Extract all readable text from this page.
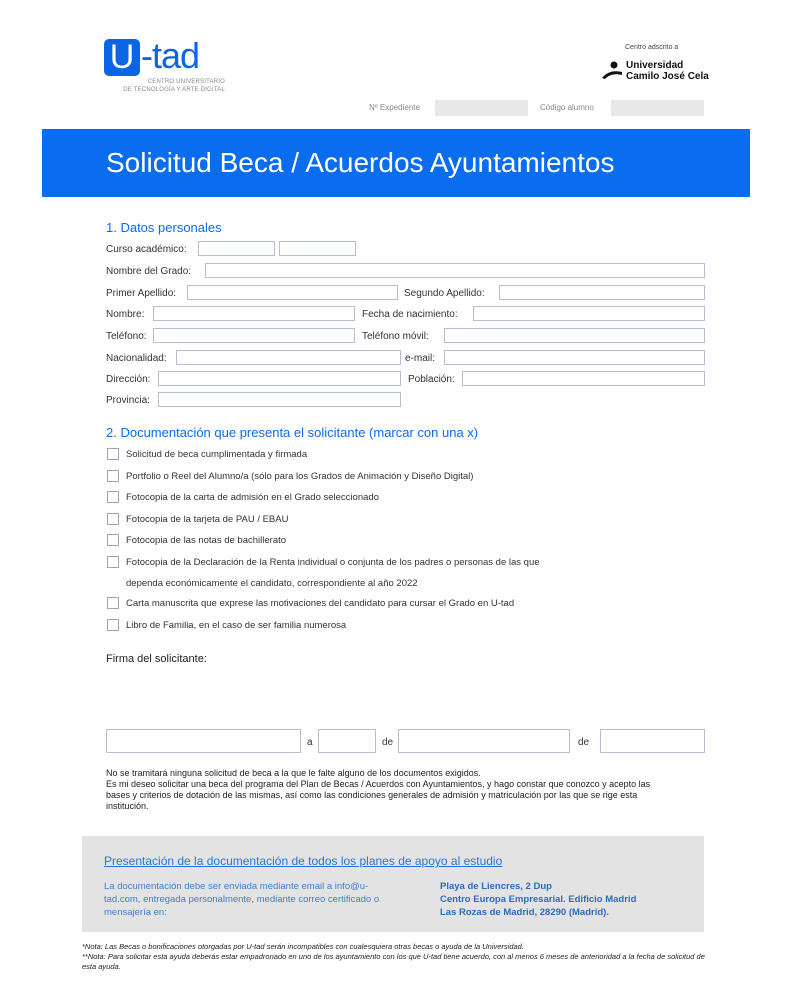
U -tad
CENTRO UNIVERSITARIO
DE TECNOLOGÍA Y ARTE DIGITAL
Centro adscrito a
Universidad
Camilo José Cela
Nº Expediente	Código alumno
Solicitud Beca / Acuerdos Ayuntamientos
1. Datos personales
Curso académico:
Nombre del Grado:
Primer Apellido:	Segundo Apellido:
Nombre:	Fecha de nacimiento:
Teléfono:	Teléfono móvil:
Nacionalidad:	e-mail:
Dirección:	Población:
Provincia:
2. Documentación que presenta el solicitante (marcar con una x)
Solicitud de beca cumplimentada y firmada
Portfolio o Reel del Alumno/a (sólo para los Grados de Animación y Diseño Digital)
Fotocopia de la carta de admisión en el Grado seleccionado
Fotocopia de la tarjeta de PAU / EBAU
Fotocopia de las notas de bachillerato
Fotocopia de la Declaración de la Renta individual o conjunta de los padres o personas de las que
dependa económicamente el candidato, correspondiente al año 2022
Carta manuscrita que exprese las motivaciones del candidato para cursar el Grado en U-tad
Libro de Familia, en el caso de ser familia numerosa
Firma del solicitante:
a	de	de
No se tramitará ninguna solicitud de beca a la que le falte alguno de los documentos exigidos.
Es mi deseo solicitar una beca del programa del Plan de Becas / Acuerdos con Ayuntamientos, y hago constar que conozco y acepto las bases y criterios de dotación de las mismas, así como las condiciones generales de admisión y matriculación por las que se rige esta institución.
Presentación de la documentación de todos los planes de apoyo al estudio
La documentación debe ser enviada mediante email a info@u-tad.com, entregada personalmente, mediante correo certificado o mensajería en:
Playa de Liencres, 2 Dup
Centro Europa Empresarial. Edificio Madrid
Las Rozas de Madrid, 28290 (Madrid).
*Nota: Las Becas o bonificaciones otorgadas por U-tad serán incompatibles con cualesquiera otras becas o ayuda de la Universidad.
**Nota: Para solicitar esta ayuda deberás estar empadronado en uno de los ayuntamiento con los que U-tad tiene acuerdo, con al menos 6 meses de anterioridad a la fecha de solicitud de esta ayuda.
